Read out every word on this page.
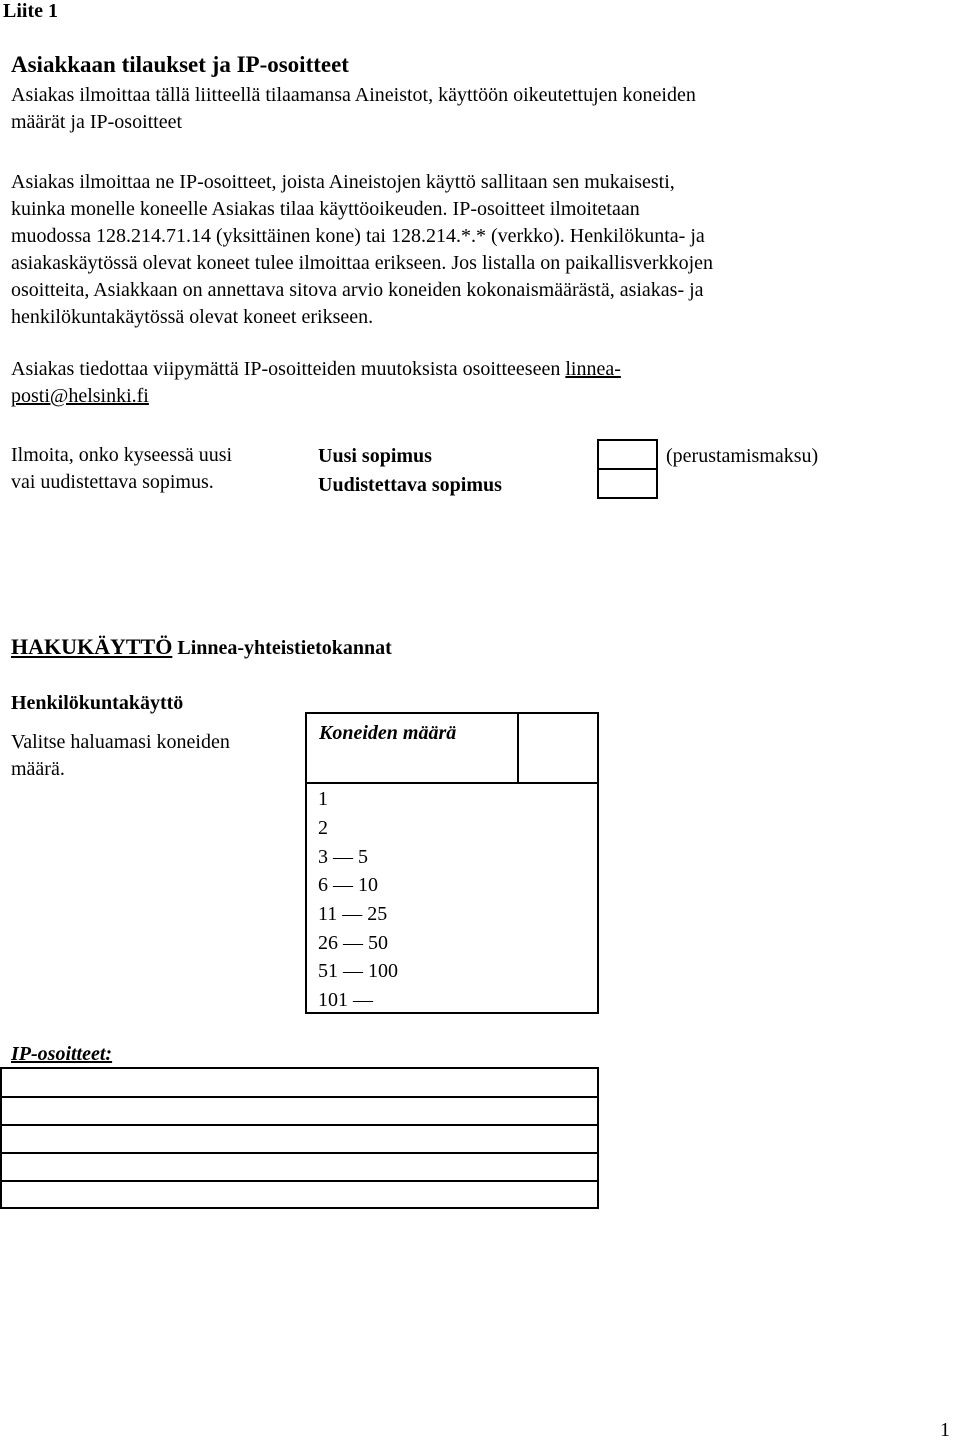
Liite 1
Asiakkaan tilaukset ja IP-osoitteet
Asiakas ilmoittaa tällä liitteellä tilaamansa Aineistot, käyttöön oikeutettujen koneiden
määrät ja IP-osoitteet
Asiakas ilmoittaa ne IP-osoitteet, joista Aineistojen käyttö sallitaan sen mukaisesti,
kuinka monelle koneelle Asiakas tilaa käyttöoikeuden. IP-osoitteet ilmoitetaan
muodossa 128.214.71.14 (yksittäinen kone) tai 128.214.*.* (verkko). Henkilökunta- ja
asiakaskäytössä olevat koneet tulee ilmoittaa erikseen. Jos listalla on paikallisverkkojen
osoitteita, Asiakkaan on annettava sitova arvio koneiden kokonaismäärästä, asiakas- ja
henkilökuntakäytössä olevat koneet erikseen.
Asiakas tiedottaa viipymättä IP-osoitteiden muutoksista osoitteeseen linnea-
posti@helsinki.fi
Ilmoita, onko kyseessä uusi
vai uudistettava sopimus.
Uusi sopimus
Uudistettava sopimus
(perustamismaksu)
HAKUKÄYTTÖ Linnea-yhteistietokannat
Henkilökuntakäyttö
Valitse haluamasi koneiden
määrä.
Koneiden määrä
1
2
3 — 5
6 — 10
11 — 25
26 — 50
51 — 100
101 —
IP-osoitteet:
1
